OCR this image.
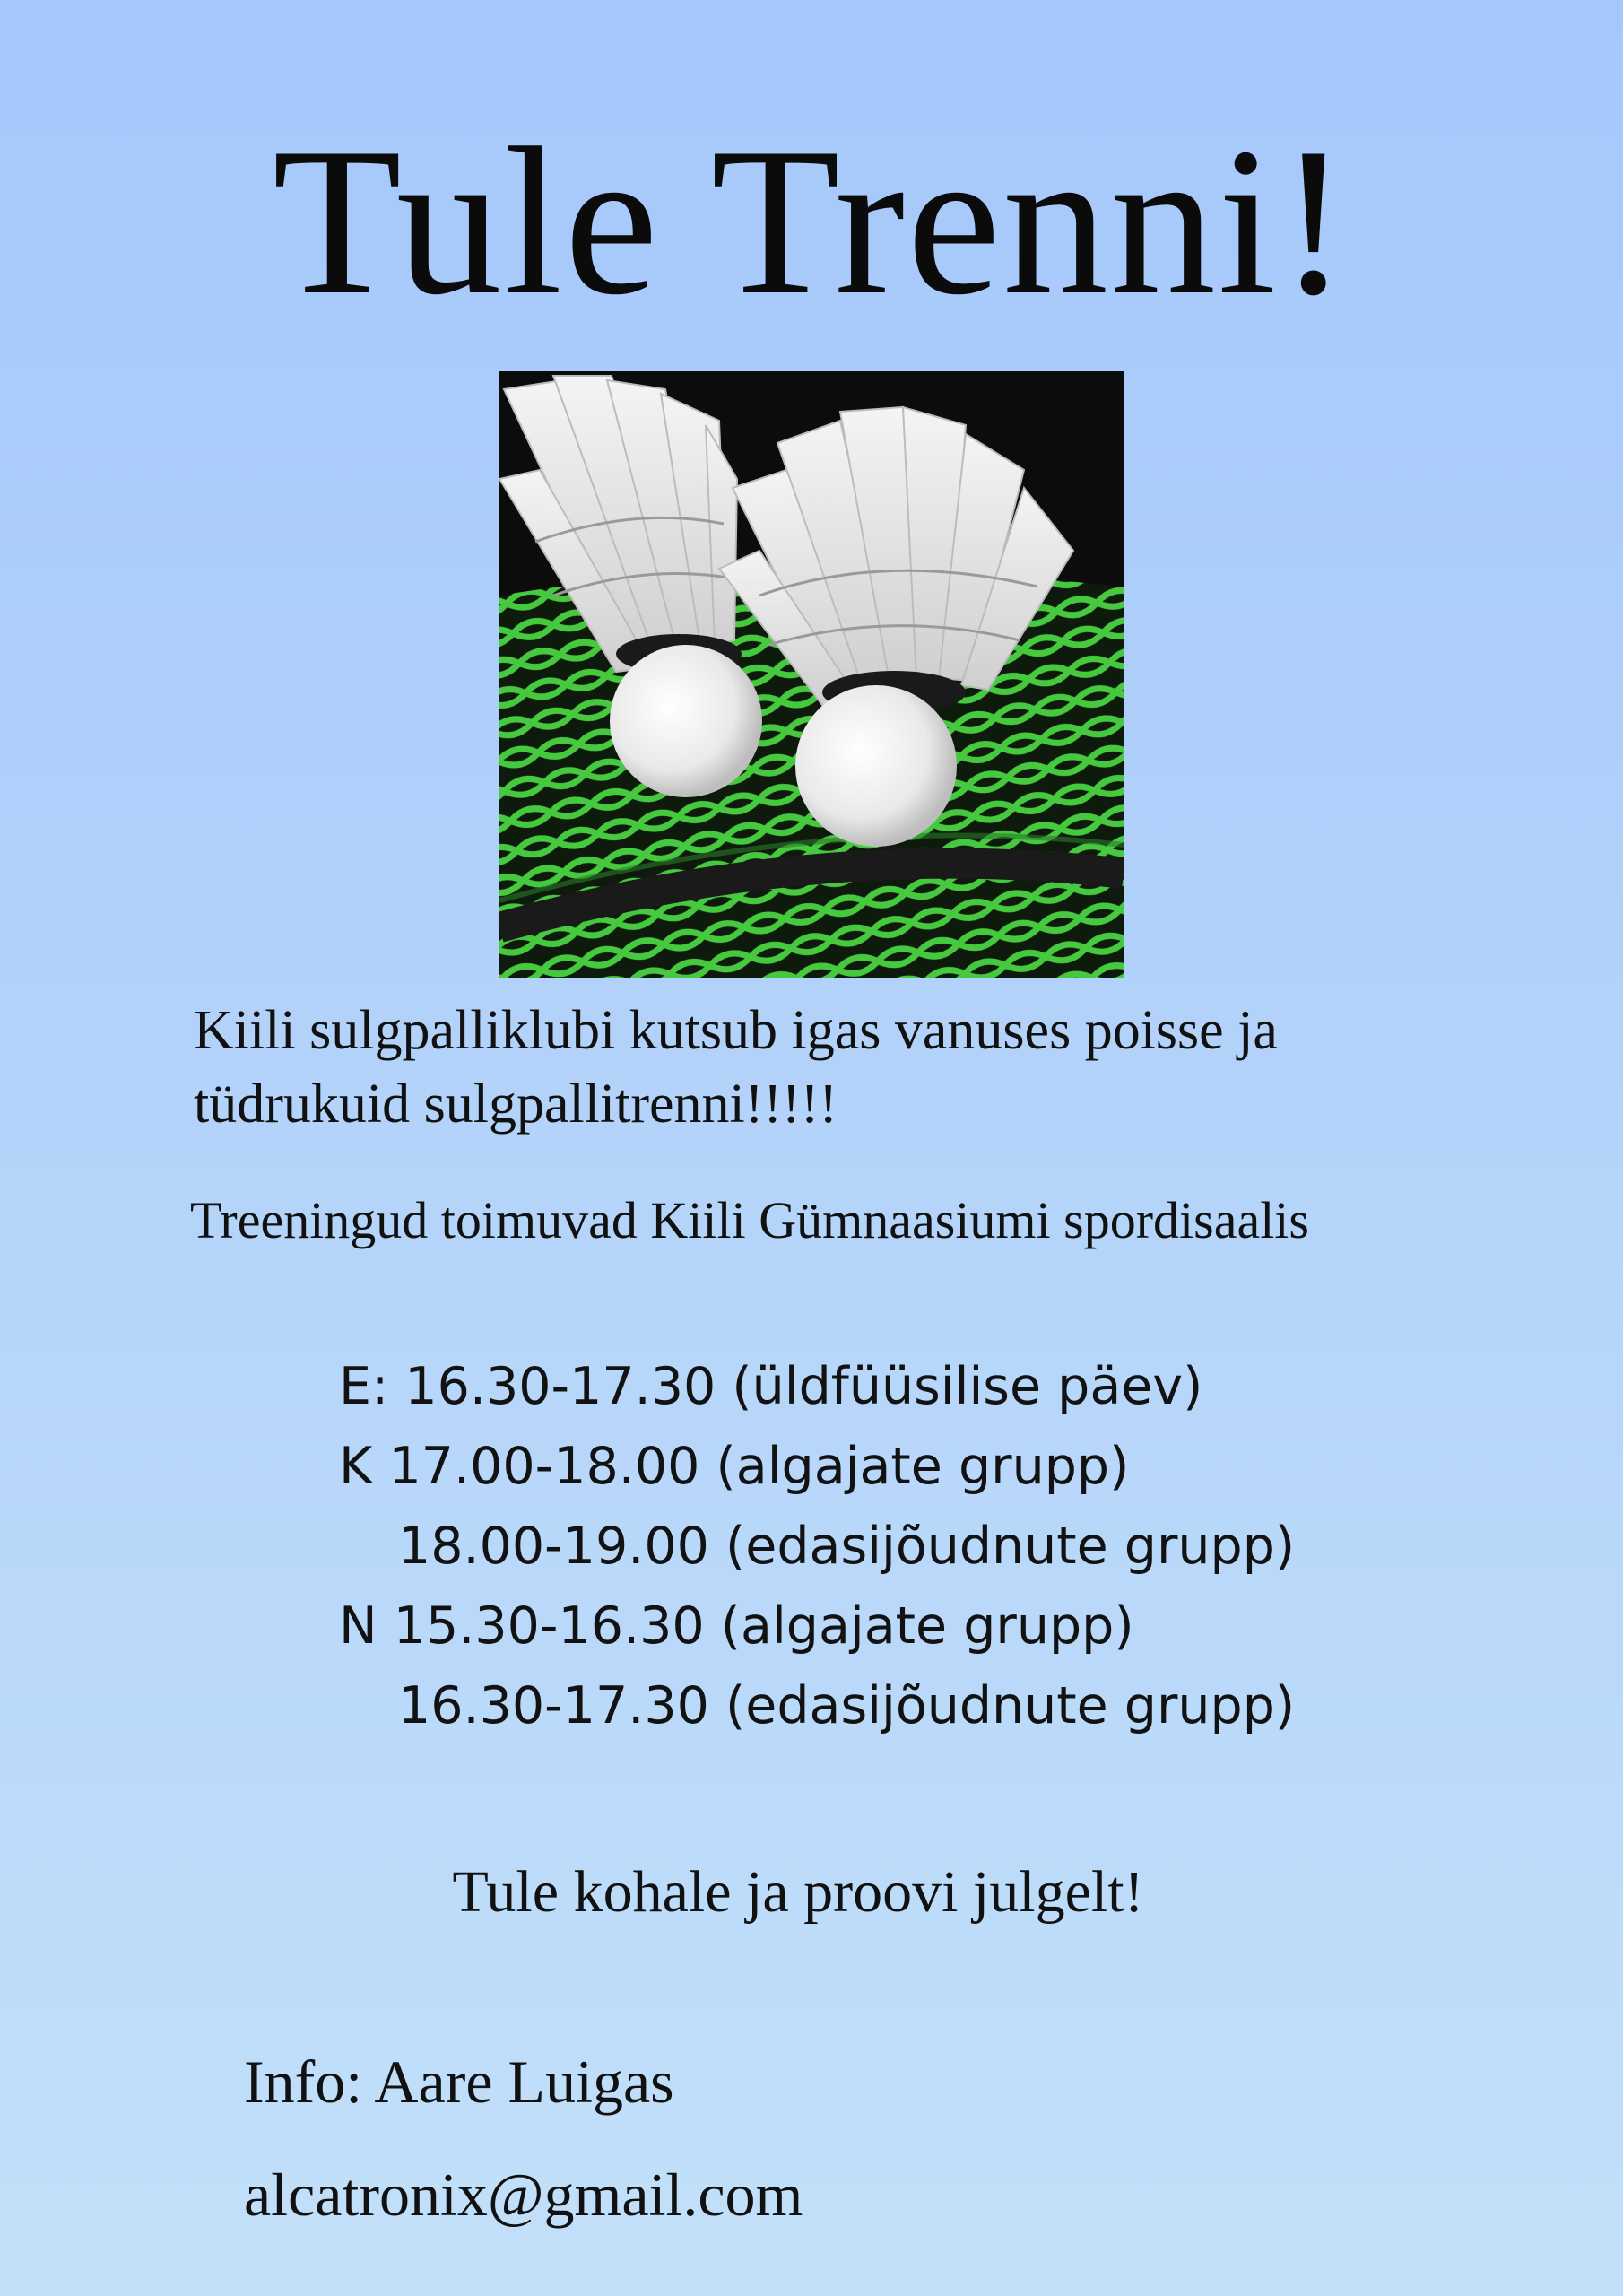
Tule Trenni!
Kiili sulgpalliklubi kutsub igas vanuses poisse ja
tüdrukuid sulgpallitrenni!!!!!
Treeningud toimuvad Kiili Gümnaasiumi spordisaalis
E: 16.30-17.30 (üldfüüsilise päev)
K 17.00-18.00 (algajate grupp)
18.00-19.00 (edasijõudnute grupp)
N 15.30-16.30 (algajate grupp)
16.30-17.30 (edasijõudnute grupp)
Tule kohale ja proovi julgelt!
Info: Aare Luigas
alcatronix@gmail.com
